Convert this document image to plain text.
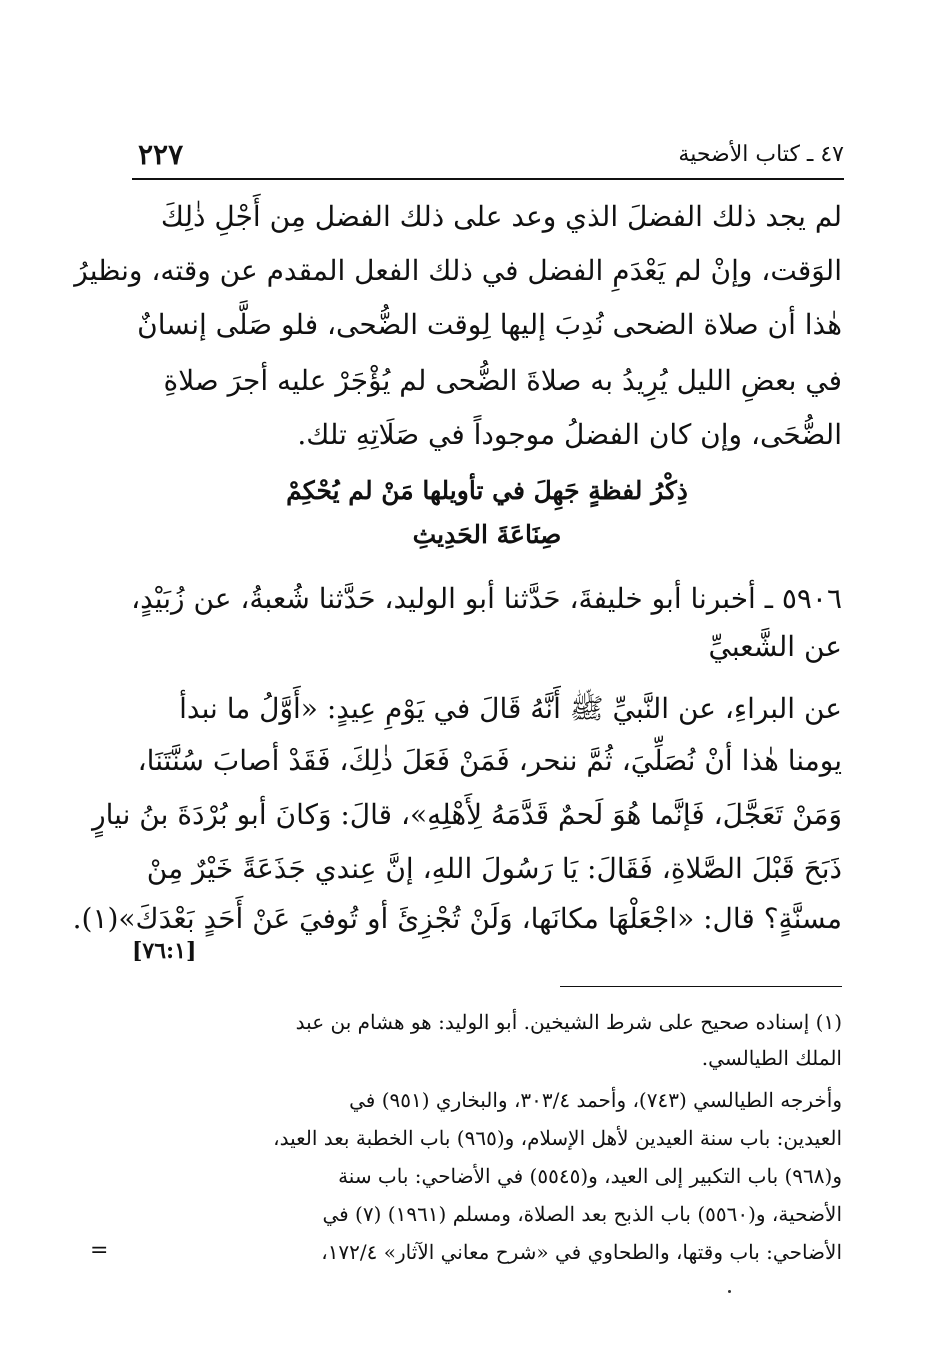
٤٧ ـ كتاب الأضحية
٢٢٧
لم يجد ذلك الفضلَ الذي وعد على ذلك الفضل مِن أَجْلِ ذٰلِكَ
الوَقت، وإنْ لم يَعْدَمِ الفضل في ذلك الفعل المقدم عن وقته، ونظيرُ
هٰذا أن صلاة الضحى نُدِبَ إليها لِوقت الضُّحى، فلو صَلَّى إنسانٌ
في بعضِ الليل يُرِيدُ به صلاةَ الضُّحى لم يُؤْجَرْ عليه أجرَ صلاةِ
الضُّحَى، وإن كان الفضلُ موجوداً في صَلَاتِهِ تلك.
ذِكْرُ لفظةٍ جَهِلَ في تأويلها مَنْ لم يُحْكِمْ
صِنَاعَةَ الحَدِيثِ
٥٩٠٦ ـ أخبرنا أبو خليفةَ، حَدَّثنا أبو الوليد، حَدَّثنا شُعبةُ، عن زُبَيْدٍ،
عن الشَّعبيِّ
عن البراءِ، عن النَّبيِّ ﷺ أَنَّهُ قَالَ في يَوْمِ عِيدٍ: «أَوَّلُ ما نبدأ
يومنا هٰذا أنْ نُصَلِّيَ، ثُمَّ ننحر، فَمَنْ فَعَلَ ذٰلِكَ، فَقَدْ أصابَ سُنَّتَنَا،
وَمَنْ تَعَجَّلَ، فَإنَّما هُوَ لَحمٌ قَدَّمَهُ لِأَهْلِهِ»، قالَ: وَكانَ أبو بُرْدَةَ بنُ نيارٍ
ذَبَحَ قَبْلَ الصَّلاةِ، فَقَالَ: يَا رَسُولَ اللهِ، إنَّ عِندي جَذَعَةً خَيْرٌ مِنْ
مسنَّةٍ؟ قال: «اجْعَلْهَا مكانَها، وَلَنْ تُجْزِئَ أو تُوفيَ عَنْ أَحَدٍ بَعْدَكَ»(١).
[٧٦:١]
(١) إسناده صحيح على شرط الشيخين. أبو الوليد: هو هشام بن عبد
الملك الطيالسي.
وأخرجه الطيالسي (٧٤٣)، وأحمد ٣٠٣/٤، والبخاري (٩٥١) في
العيدين: باب سنة العيدين لأهل الإسلام، و(٩٦٥) باب الخطبة بعد العيد،
و(٩٦٨) باب التكبير إلى العيد، و(٥٥٤٥) في الأضاحي: باب سنة
الأضحية، و(٥٥٦٠) باب الذبح بعد الصلاة، ومسلم (١٩٦١) (٧) في
الأضاحي: باب وقتها، والطحاوي في «شرح معاني الآثار» ١٧٢/٤،
=
